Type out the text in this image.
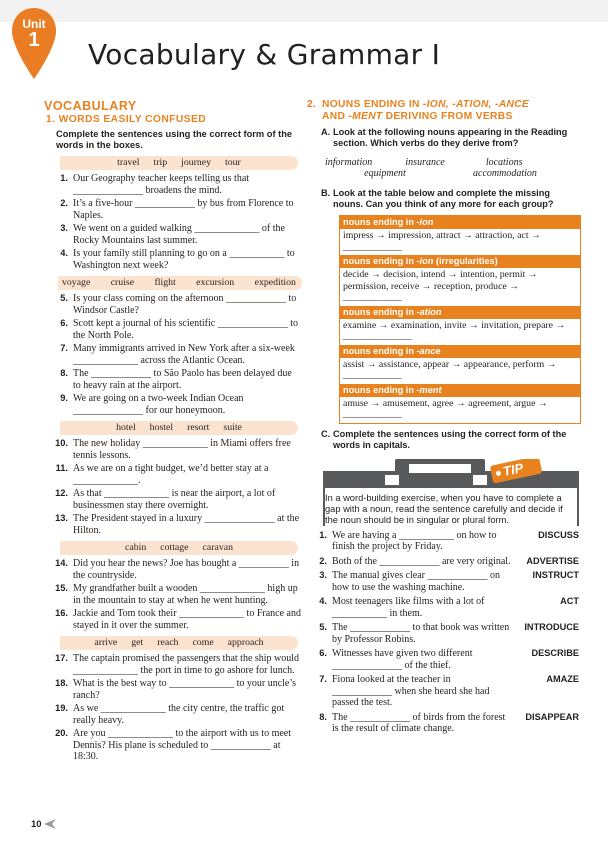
Unit
1	Vocabulary & Grammar I
VOCABULARY
1. WORDS EASILY CONFUSED
Complete the sentences using the correct form of the words in the boxes.
travel trip journey tour
1. Our Geography teacher keeps telling us that ______________ broadens the mind.
2. It’s a five-hour ____________ by bus from Florence to Naples.
3. We went on a guided walking _____________ of the Rocky Mountains last summer.
4. Is your family still planning to go on a ___________ to Washington next week?
voyage cruise flight excursion expedition
5. Is your class coming on the afternoon ____________ to Windsor Castle?
6. Scott kept a journal of his scientific ______________ to the North Pole.
7. Many immigrants arrived in New York after a six-week _____________ across the Atlantic Ocean.
8. The ____________ to São Paolo has been delayed due to heavy rain at the airport.
9. We are going on a two-week Indian Ocean ______________ for our honeymoon.
hotel hostel resort suite
10. The new holiday _____________ in Miami offers free tennis lessons.
11. As we are on a tight budget, we’d better stay at a _____________.
12. As that _____________ is near the airport, a lot of businessmen stay there overnight.
13. The President stayed in a luxury ______________ at the Hilton.
cabin cottage caravan
14. Did you hear the news? Joe has bought a __________ in the countryside.
15. My grandfather built a wooden _____________ high up in the mountain to stay at when he went hunting.
16. Jackie and Tom took their _____________ to France and stayed in it over the summer.
arrive get reach come approach
17. The captain promised the passengers that the ship would _____________ the port in time to go ashore for lunch.
18. What is the best way to _____________ to your uncle’s ranch?
19. As we _____________ the city centre, the traffic got really heavy.
20. Are you _____________ to the airport with us to meet Dennis? His plane is scheduled to ____________ at 18:30.
2. NOUNS ENDING IN -ION, -ATION, -ANCE
AND -MENT DERIVING FROM VERBS
A. Look at the following nouns appearing in the Reading section. Which verbs do they derive from?
information	insurance	locations
equipment	accommodation
B. Look at the table below and complete the missing nouns. Can you think of any more for each group?
nouns ending in -ion
impress → impression, attract → attraction, act → ____________
nouns ending in -ion (irregularities)
decide → decision, intend → intention, permit → permission, receive → reception, produce → ____________
nouns ending in -ation
examine → examination, invite → invitation, prepare → ______________
nouns ending in -ance
assist → assistance, appear → appearance, perform → ____________
nouns ending in -ment
amuse → amusement, agree → agreement, argue → ____________
C. Complete the sentences using the correct form of the words in capitals.
TIP
In a word-building exercise, when you have to complete a gap with a noun, read the sentence carefully and decide if the noun should be in singular or plural form.
1. We are having a ___________ on how to finish the project by Friday.
DISCUSS
2. Both of the ____________ are very original.	ADVERTISE
3. The manual gives clear ____________ on how to use the washing machine.
INSTRUCT
4. Most teenagers like films with a lot of ___________ in them.
ACT
5. The ____________ to that book was written by Professor Robins.
INTRODUCE
6. Witnesses have given two different ______________ of the thief.
DESCRIBE
7. Fiona looked at the teacher in ____________ when she heard she had passed the test.
AMAZE
8. The ____________ of birds from the forest is the result of climate change.
DISAPPEAR
10
